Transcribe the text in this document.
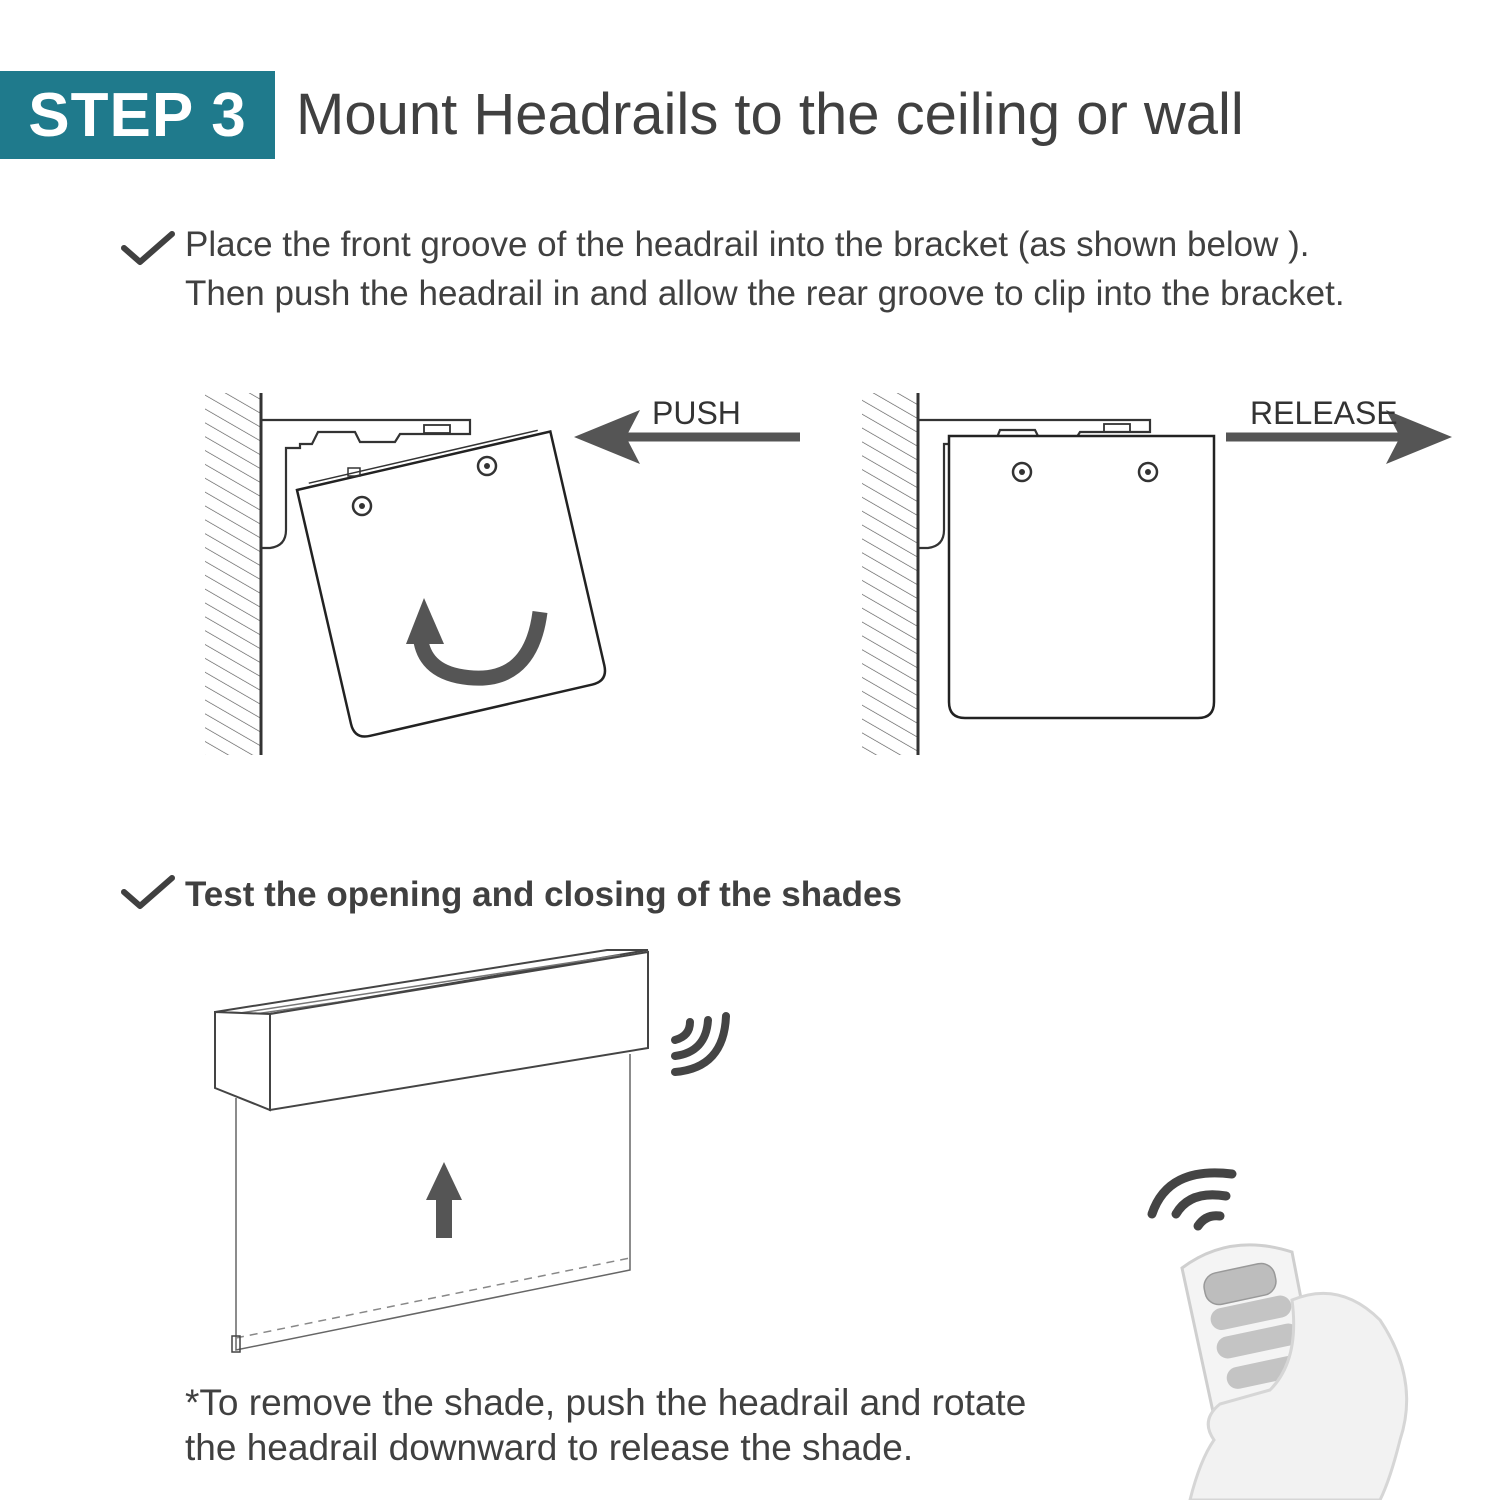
STEP 3 Mount Headrails to the ceiling or wall
Place the front groove of the headrail into the bracket (as shown below ).
Then push the headrail in and allow the rear groove to clip into the bracket.
Test the opening and closing of the shades
PUSH	RELEASE
*To remove the shade, push the headrail and rotate
the headrail downward to release the shade.
